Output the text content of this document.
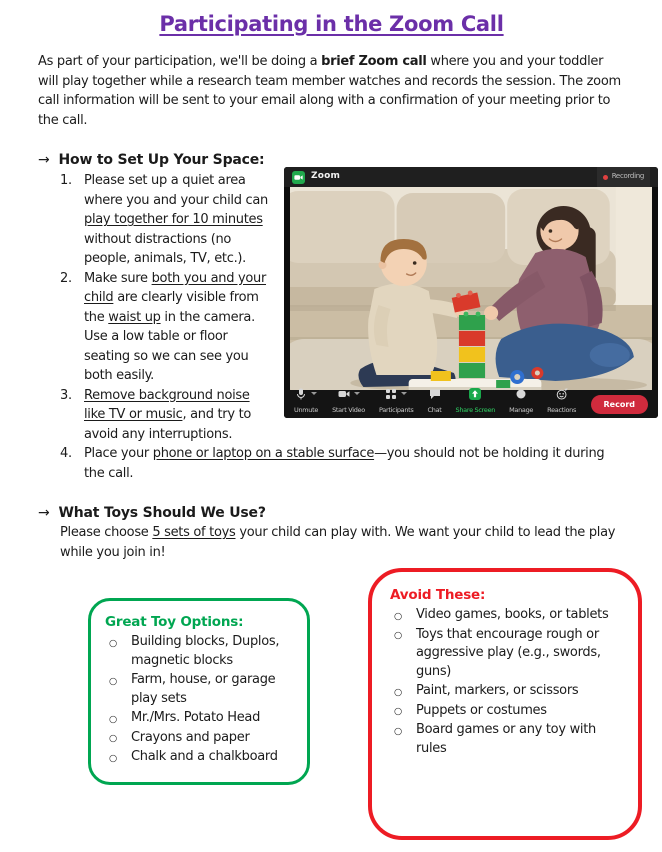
Participating in the Zoom Call

As part of your participation, we'll be doing a brief Zoom call where you and your toddler will play together while a research team member watches and records the session. The zoom call information will be sent to your email along with a confirmation of your meeting prior to the call.

→ How to Set Up Your Space:
Zoom	Recording
Unmute Start Video Participants Chat Share Screen Manage Reactions
Record
1. Please set up a quiet area where you and your child can play together for 10 minutes without distractions (no people, animals, TV, etc.).
2. Make sure both you and your child are clearly visible from the waist up in the camera. Use a low table or floor seating so we can see you both easily.
3. Remove background noise like TV or music, and try to avoid any interruptions.
4. Place your phone or laptop on a stable surface—you should not be holding it during the call.
→ What Toys Should We Use?

Please choose 5 sets of toys your child can play with. We want your child to lead the play while you join in!

Great Toy Options:
○ Building blocks, Duplos, magnetic blocks
○ Farm, house, or garage play sets
○ Mr./Mrs. Potato Head
○ Crayons and paper
○ Chalk and a chalkboard
Avoid These:
○ Video games, books, or tablets
○ Toys that encourage rough or aggressive play (e.g., swords, guns)
○ Paint, markers, or scissors
○ Puppets or costumes
○ Board games or any toy with rules
